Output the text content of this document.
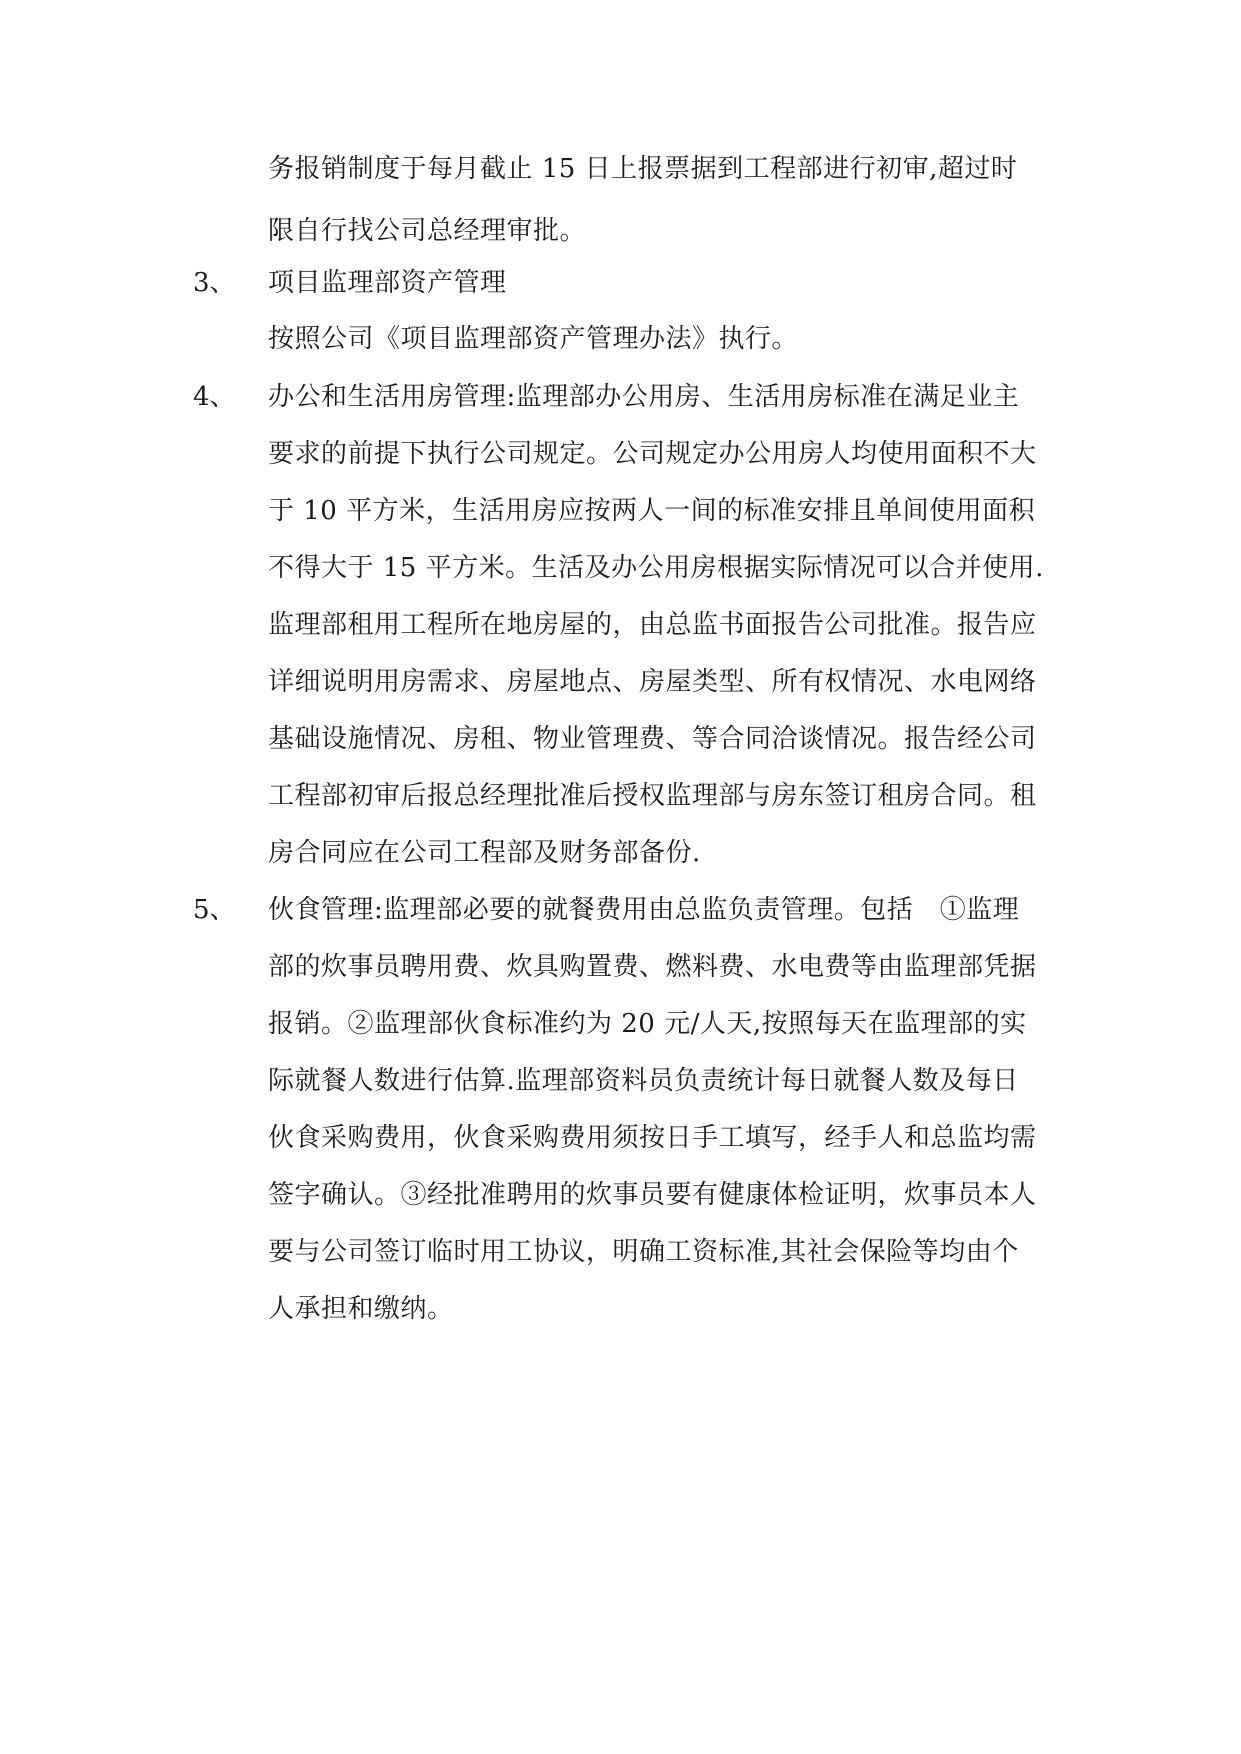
务报销制度于每月截止 15 日上报票据到工程部进行初审,超过时
限自行找公司总经理审批。
3、 项目监理部资产管理
按照公司《项目监理部资产管理办法》执行。
4、 办公和生活用房管理:监理部办公用房、生活用房标准在满足业主
要求的前提下执行公司规定。公司规定办公用房人均使用面积不大
于 10 平方米，生活用房应按两人一间的标准安排且单间使用面积
不得大于 15 平方米。生活及办公用房根据实际情况可以合并使用.
监理部租用工程所在地房屋的，由总监书面报告公司批准。报告应
详细说明用房需求、房屋地点、房屋类型、所有权情况、水电网络
基础设施情况、房租、物业管理费、等合同洽谈情况。报告经公司
工程部初审后报总经理批准后授权监理部与房东签订租房合同。租
房合同应在公司工程部及财务部备份.
5、 伙食管理:监理部必要的就餐费用由总监负责管理。包括　①监理
部的炊事员聘用费、炊具购置费、燃料费、水电费等由监理部凭据
报销。②监理部伙食标准约为 20 元/人天,按照每天在监理部的实
际就餐人数进行估算.监理部资料员负责统计每日就餐人数及每日
伙食采购费用，伙食采购费用须按日手工填写，经手人和总监均需
签字确认。③经批准聘用的炊事员要有健康体检证明，炊事员本人
要与公司签订临时用工协议，明确工资标准,其社会保险等均由个
人承担和缴纳。
